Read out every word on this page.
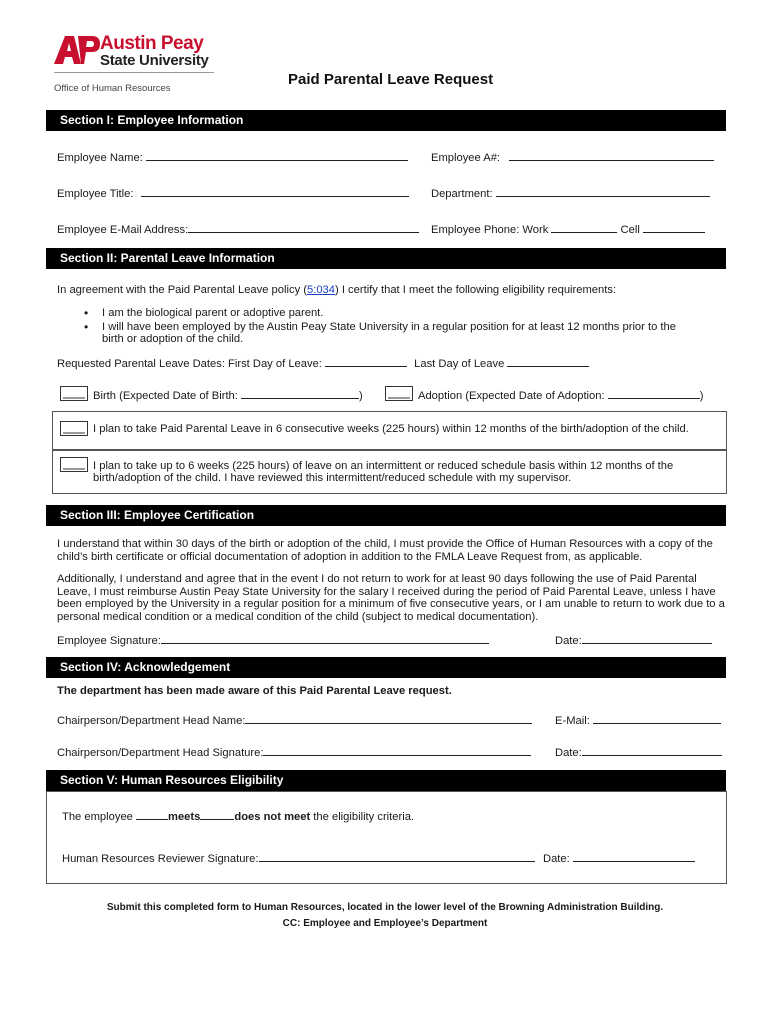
Austin Peay
State University
Office of Human Resources
Paid Parental Leave Request
Section I: Employee Information
Employee Name:	Employee A#:
Employee Title:	Department:
Employee E-Mail Address:	Employee Phone: Work	Cell
Section II: Parental Leave Information
In agreement with the Paid Parental Leave policy (5:034) I certify that I meet the following eligibility requirements:
• I am the biological parent or adoptive parent.
• I will have been employed by the Austin Peay State University in a regular position for at least 12 months prior to the birth or adoption of the child.
Requested Parental Leave Dates: First Day of Leave:	Last Day of Leave
Birth (Expected Date of Birth:	)	Adoption (Expected Date of Adoption:	)
I plan to take Paid Parental Leave in 6 consecutive weeks (225 hours) within 12 months of the birth/adoption of the child.
I plan to take up to 6 weeks (225 hours) of leave on an intermittent or reduced schedule basis within 12 months of the
birth/adoption of the child. I have reviewed this intermittent/reduced schedule with my supervisor.
Section III: Employee Certification
I understand that within 30 days of the birth or adoption of the child, I must provide the Office of Human Resources with a copy of the child’s birth certificate or official documentation of adoption in addition to the FMLA Leave Request from, as applicable.
Additionally, I understand and agree that in the event I do not return to work for at least 90 days following the use of Paid Parental Leave, I must reimburse Austin Peay State University for the salary I received during the period of Paid Parental Leave, unless I have been employed by the University in a regular position for a minimum of five consecutive years, or I am unable to return to work due to a personal medical condition or a medical condition of the child (subject to medical documentation).
Employee Signature:	Date:
Section IV: Acknowledgement
The department has been made aware of this Paid Parental Leave request.
Chairperson/Department Head Name:	E-Mail:
Chairperson/Department Head Signature:	Date:
Section V: Human Resources Eligibility
The employee	meets	does not meet the eligibility criteria.
Human Resources Reviewer Signature:	Date:
Submit this completed form to Human Resources, located in the lower level of the Browning Administration Building.
CC: Employee and Employee’s Department
